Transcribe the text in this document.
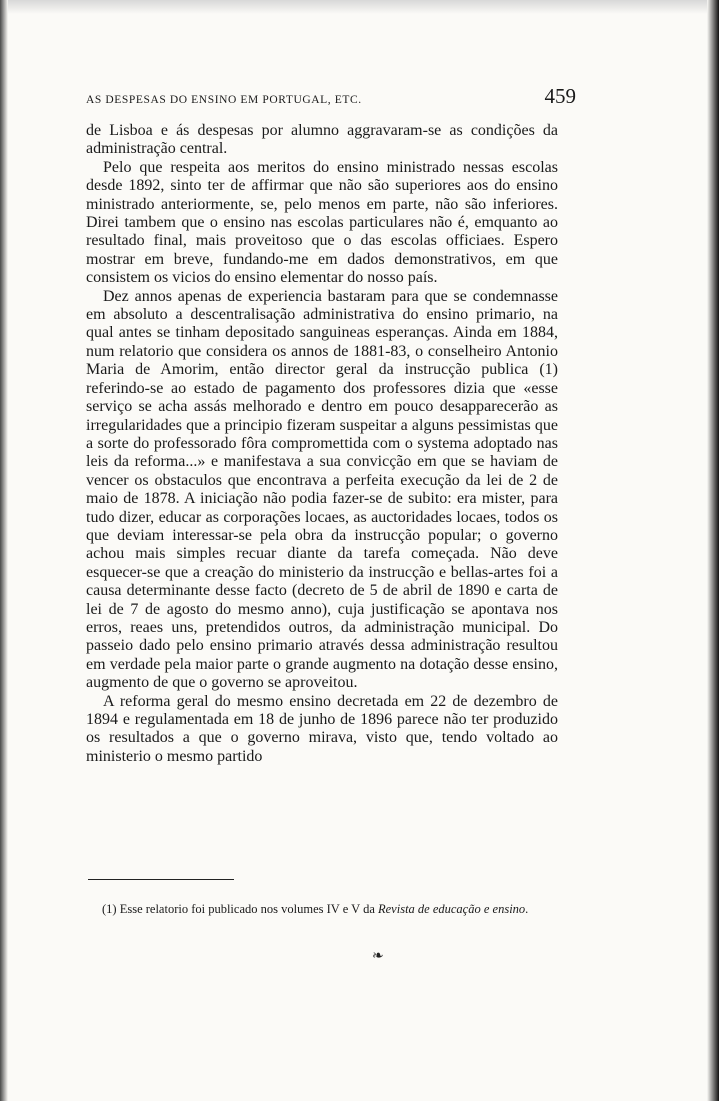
AS DESPESAS DO ENSINO EM PORTUGAL, ETC.	459

de Lisboa e ás despesas por alumno aggravaram-se as condições da administração central.

Pelo que respeita aos meritos do ensino ministrado nessas escolas desde 1892, sinto ter de affirmar que não são superiores aos do ensino ministrado anteriormente, se, pelo menos em parte, não são inferiores. Direi tambem que o ensino nas escolas particulares não é, emquanto ao resultado final, mais proveitoso que o das escolas officiaes. Espero mostrar em breve, fundando-me em dados demonstrativos, em que consistem os vicios do ensino elementar do nosso país.

Dez annos apenas de experiencia bastaram para que se condemnasse em absoluto a descentralisação administrativa do ensino primario, na qual antes se tinham depositado sanguineas esperanças. Ainda em 1884, num relatorio que considera os annos de 1881-83, o conselheiro Antonio Maria de Amorim, então director geral da instrucção publica (1) referindo-se ao estado de pagamento dos professores dizia que «esse serviço se acha assás melhorado e dentro em pouco desapparecerão as irregularidades que a principio fizeram suspeitar a alguns pessimistas que a sorte do professorado fôra compromettida com o systema adoptado nas leis da reforma...» e manifestava a sua convicção em que se haviam de vencer os obstaculos que encontrava a perfeita execução da lei de 2 de maio de 1878. A iniciação não podia fazer-se de subito: era mister, para tudo dizer, educar as corporações locaes, as auctoridades locaes, todos os que deviam interessar-se pela obra da instrucção popular; o governo achou mais simples recuar diante da tarefa começada. Não deve esquecer-se que a creação do ministerio da instrucção e bellas-artes foi a causa determinante desse facto (decreto de 5 de abril de 1890 e carta de lei de 7 de agosto do mesmo anno), cuja justificação se apontava nos erros, reaes uns, pretendidos outros, da administração municipal. Do passeio dado pelo ensino primario através dessa administração resultou em verdade pela maior parte o grande augmento na dotação desse ensino, augmento de que o governo se aproveitou.

A reforma geral do mesmo ensino decretada em 22 de dezembro de 1894 e regulamentada em 18 de junho de 1896 parece não ter produzido os resultados a que o governo mirava, visto que, tendo voltado ao ministerio o mesmo partido

(1) Esse relatorio foi publicado nos volumes IV e V da Revista de educação e ensino.
❧
